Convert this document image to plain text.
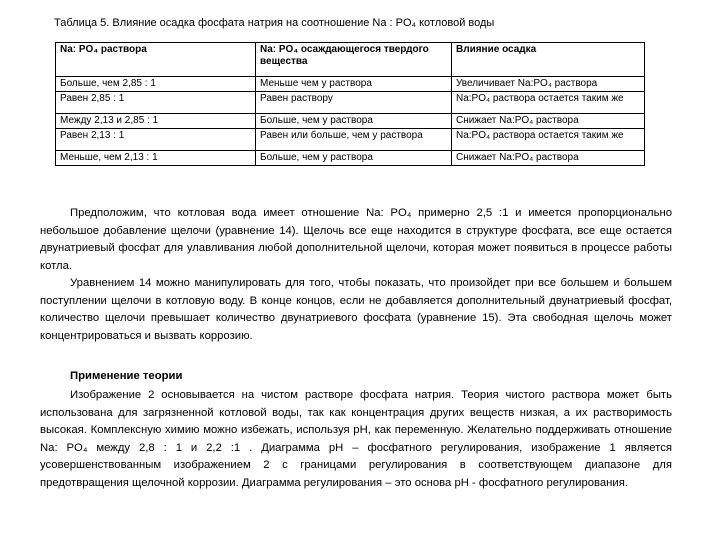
Таблица 5. Влияние осадка фосфата натрия на соотношение Na : PO₄ котловой воды
Na: PO₄ раствора	Na: PO₄ осаждающегося твердого вещества	Влияние осадка
Больше, чем 2,85 : 1	Меньше чем у раствора	Увеличивает Na:PO₄ раствора
Равен 2,85 : 1	Равен раствору	Na:PO₄ раствора остается таким же
Между 2,13 и 2,85 : 1	Больше, чем у раствора	Снижает Na:PO₄ раствора
Равен 2,13 : 1	Равен или больше, чем у раствора	Na:PO₄ раствора остается таким же
Меньше, чем 2,13 : 1	Больше, чем у раствора	Снижает Na:PO₄ раствора

Предположим, что котловая вода имеет отношение Na: PO₄ примерно 2,5 :1 и имеется пропорционально небольшое добавление щелочи (уравнение 14). Щелочь все еще находится в структуре фосфата, все еще остается двунатриевый фосфат для улавливания любой дополнительной щелочи, которая может появиться в процессе работы котла.

Уравнением 14 можно манипулировать для того, чтобы показать, что произойдет при все большем и большем поступлении щелочи в котловую воду. В конце концов, если не добавляется дополнительный двунатриевый фосфат, количество щелочи превышает количество двунатриевого фосфата (уравнение 15). Эта свободная щелочь может концентрироваться и вызвать коррозию.

Применение теории

Изображение 2 основывается на чистом растворе фосфата натрия. Теория чистого раствора может быть использована для загрязненной котловой воды, так как концентрация других веществ низкая, а их растворимость высокая. Комплексную химию можно избежать, используя pH, как переменную. Желательно поддерживать отношение Na: PO₄ между 2,8 : 1 и 2,2 :1 . Диаграмма pH – фосфатного регулирования, изображение 1 является усовершенствованным изображением 2 с границами регулирования в соответствующем диапазоне для предотвращения щелочной коррозии. Диаграмма регулирования – это основа pH - фосфатного регулирования.
